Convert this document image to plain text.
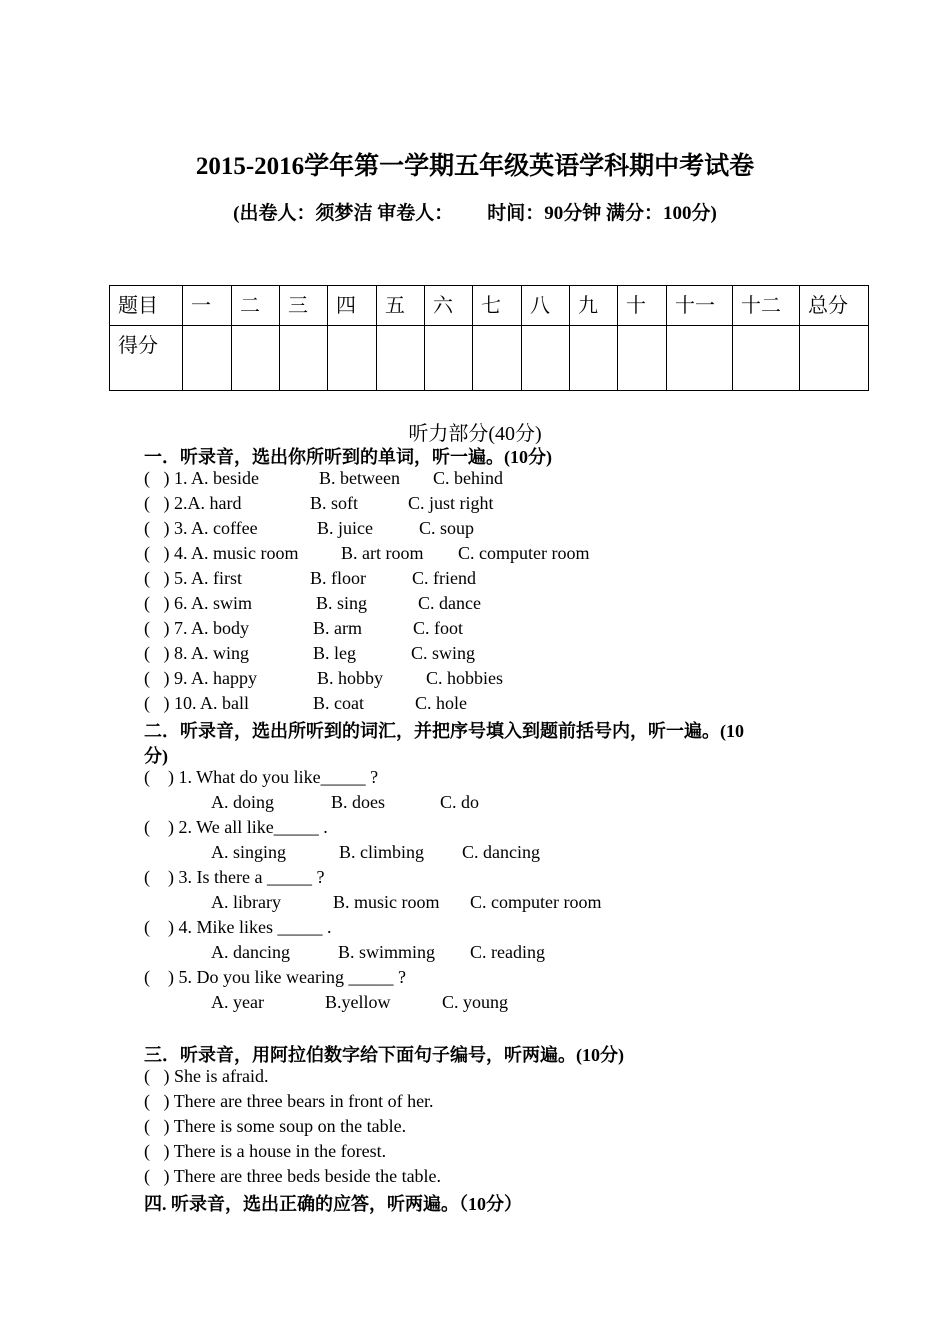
2015-2016学年第一学期五年级英语学科期中考试卷
(出卷人：须梦洁 审卷人： 时间：90分钟 满分：100分)
题目	一	二	三	四	五	六	七	八	九	十	十一	十二	总分
得分													
听力部分(40分)
一．听录音，选出你所听到的单词，听一遍。(10分)
(   ) 1. A. beside	B. between C. behind
(   ) 2.A. hard	B. soft	C. just right
(   ) 3. A. coffee	B. juice	C. soup
(   ) 4. A. music room B. art room C. computer room
(   ) 5. A. first	B. floor	C. friend
(   ) 6. A. swim	B. sing	C. dance
(   ) 7. A. body	B. arm	C. foot
(   ) 8. A. wing	B. leg	C. swing
(   ) 9. A. happy	B. hobby C. hobbies
(   ) 10. A. ball	B. coat	C. hole
二．听录音，选出所听到的词汇，并把序号填入到题前括号内，听一遍。(10
分)
(    ) 1. What do you like_____ ?
A. doing	B. does	C. do
(    ) 2. We all like_____ .
A. singing	B. climbing C. dancing
(    ) 3. Is there a _____ ?
A. library	B. music room C. computer room
(    ) 4. Mike likes _____ .
A. dancing	B. swimming C. reading
(    ) 5. Do you like wearing _____ ?
A. year	B.yellow	C. young
三．听录音，用阿拉伯数字给下面句子编号，听两遍。(10分)
(   ) She is afraid.
(   ) There are three bears in front of her.
(   ) There is some soup on the table.
(   ) There is a house in the forest.
(   ) There are three beds beside the table.
四. 听录音，选出正确的应答，听两遍。（10分）
